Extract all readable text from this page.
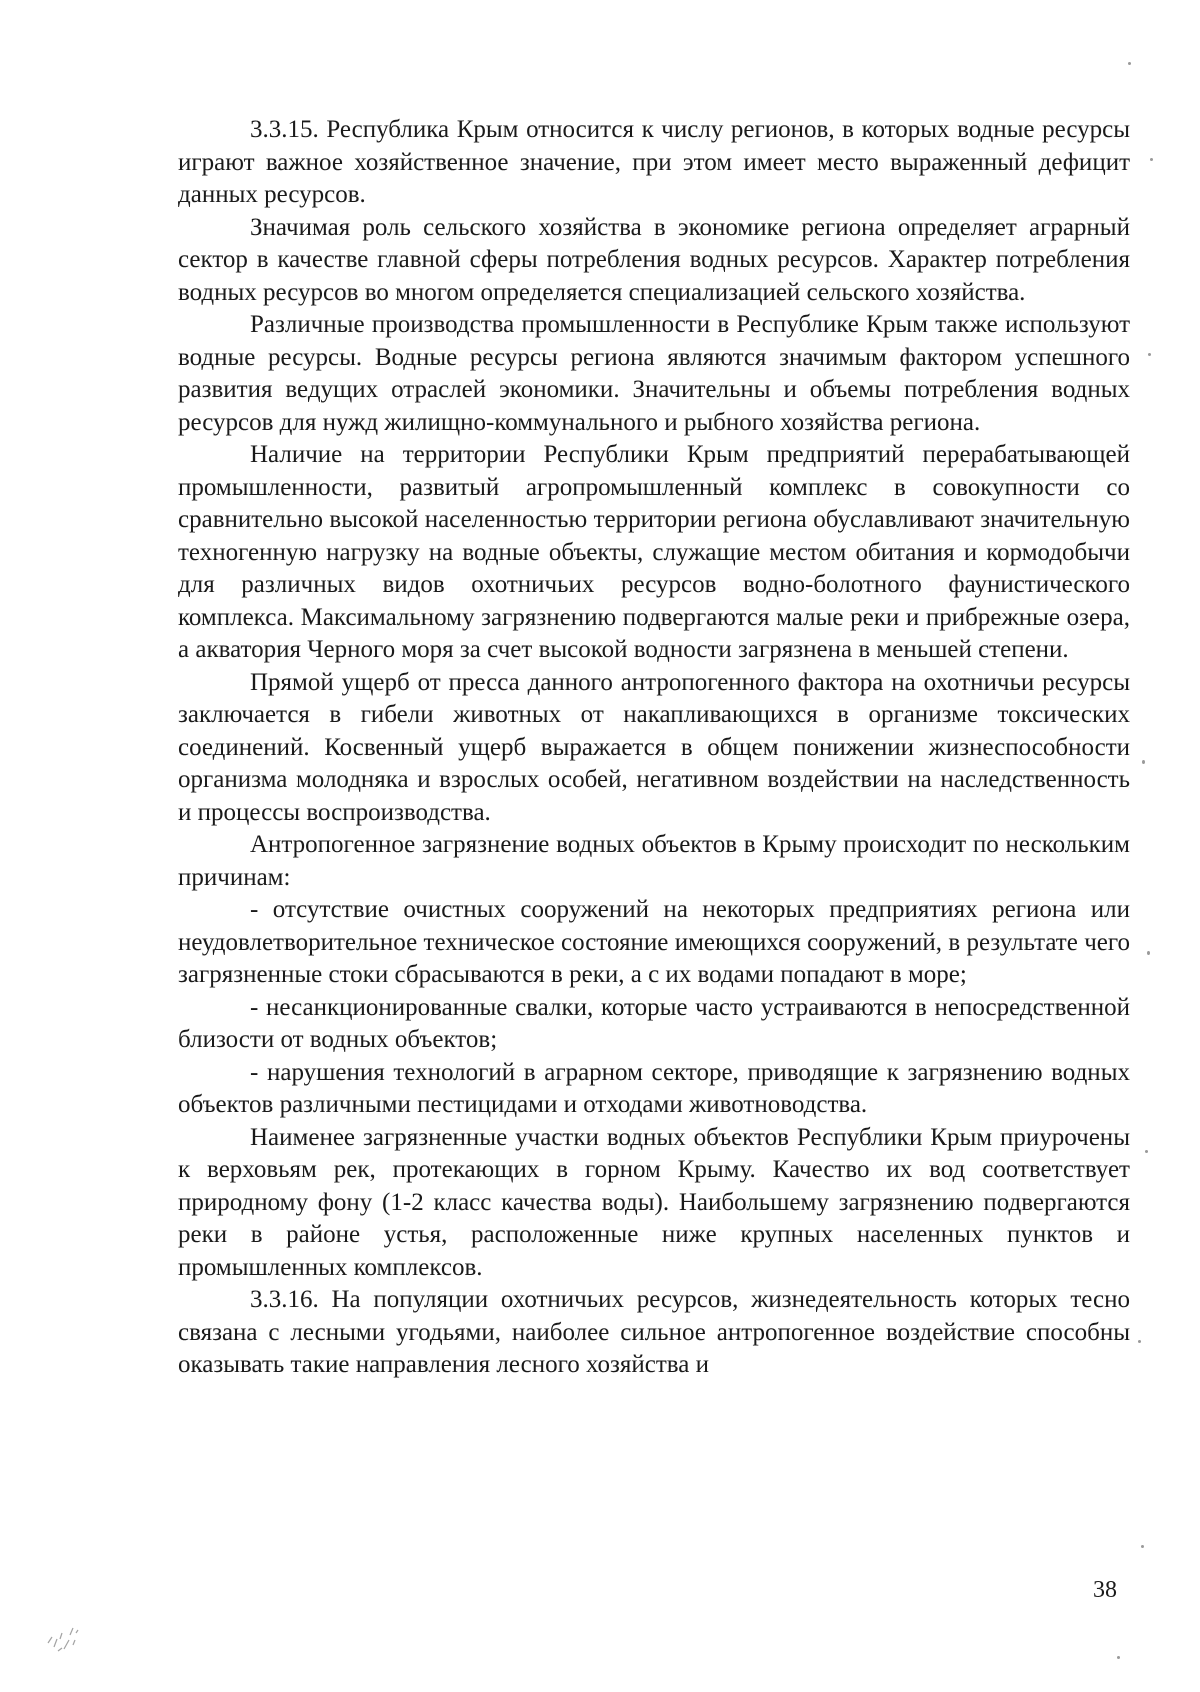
3.3.15. Республика Крым относится к числу регионов, в которых водные ресурсы играют важное хозяйственное значение, при этом имеет место выраженный дефицит данных ресурсов.

Значимая роль сельского хозяйства в экономике региона определяет аграрный сектор в качестве главной сферы потребления водных ресурсов. Характер потребления водных ресурсов во многом определяется специализацией сельского хозяйства.

Различные производства промышленности в Республике Крым также используют водные ресурсы. Водные ресурсы региона являются значимым фактором успешного развития ведущих отраслей экономики. Значительны и объемы потребления водных ресурсов для нужд жилищно-коммунального и рыбного хозяйства региона.

Наличие на территории Республики Крым предприятий перерабатывающей промышленности, развитый агропромышленный комплекс в совокупности со сравнительно высокой населенностью территории региона обуславливают значительную техногенную нагрузку на водные объекты, служащие местом обитания и кормодобычи для различных видов охотничьих ресурсов водно-болотного фаунистического комплекса. Максимальному загрязнению подвергаются малые реки и прибрежные озера, а акватория Черного моря за счет высокой водности загрязнена в меньшей степени.

Прямой ущерб от пресса данного антропогенного фактора на охотничьи ресурсы заключается в гибели животных от накапливающихся в организме токсических соединений. Косвенный ущерб выражается в общем понижении жизнеспособности организма молодняка и взрослых особей, негативном воздействии на наследственность и процессы воспроизводства.

Антропогенное загрязнение водных объектов в Крыму происходит по нескольким причинам:

- отсутствие очистных сооружений на некоторых предприятиях региона или неудовлетворительное техническое состояние имеющихся сооружений, в результате чего загрязненные стоки сбрасываются в реки, а с их водами попадают в море;

- несанкционированные свалки, которые часто устраиваются в непосредственной близости от водных объектов;

- нарушения технологий в аграрном секторе, приводящие к загрязнению водных объектов различными пестицидами и отходами животноводства.

Наименее загрязненные участки водных объектов Республики Крым приурочены к верховьям рек, протекающих в горном Крыму. Качество их вод соответствует природному фону (1-2 класс качества воды). Наибольшему загрязнению подвергаются реки в районе устья, расположенные ниже крупных населенных пунктов и промышленных комплексов.

3.3.16. На популяции охотничьих ресурсов, жизнедеятельность которых тесно связана с лесными угодьями, наиболее сильное антропогенное воздействие способны оказывать такие направления лесного хозяйства и

38
